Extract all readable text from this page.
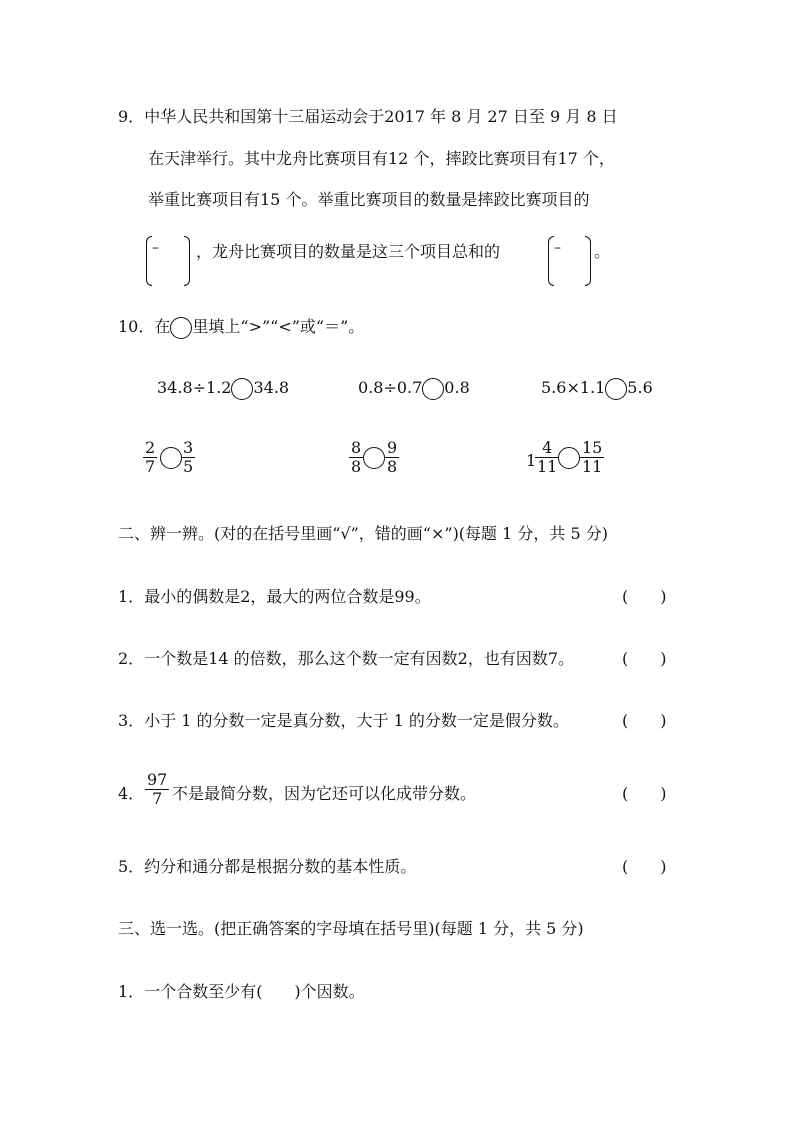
9．中华人民共和国第十三届运动会于2017 年 8 月 27 日至 9 月 8 日
在天津举行。其中龙舟比赛项目有12 个，摔跤比赛项目有17 个，
举重比赛项目有15 个。举重比赛项目的数量是摔跤比赛项目的
– ，龙舟比赛项目的数量是这三个项目总和的	– 。
10．在 里填上“>”“<”或“＝”。
34.8÷1.2 34.8	0.8÷0.7 0.8	5.6×1.1 5.6
$\frac{2}{7} \frac{3}{5}$	$\frac{8}{8} \frac{9}{8}$	1
$\frac{4}{11} \frac{15}{11}$
二、辨一辨。(对的在括号里画“√”，错的画“×”)(每题 1 分，共 5 分)
1．最小的偶数是2，最大的两位合数是99。	(　　)
2．一个数是14 的倍数，那么这个数一定有因数2，也有因数7。	(　　)
3．小于 1 的分数一定是真分数，大于 1 的分数一定是假分数。	(　　)
4． $\frac{97}{7}$ 不是最简分数，因为它还可以化成带分数。	(　　)
5．约分和通分都是根据分数的基本性质。	(　　)
三、选一选。(把正确答案的字母填在括号里)(每题 1 分，共 5 分)
1．一个合数至少有(　　)个因数。
